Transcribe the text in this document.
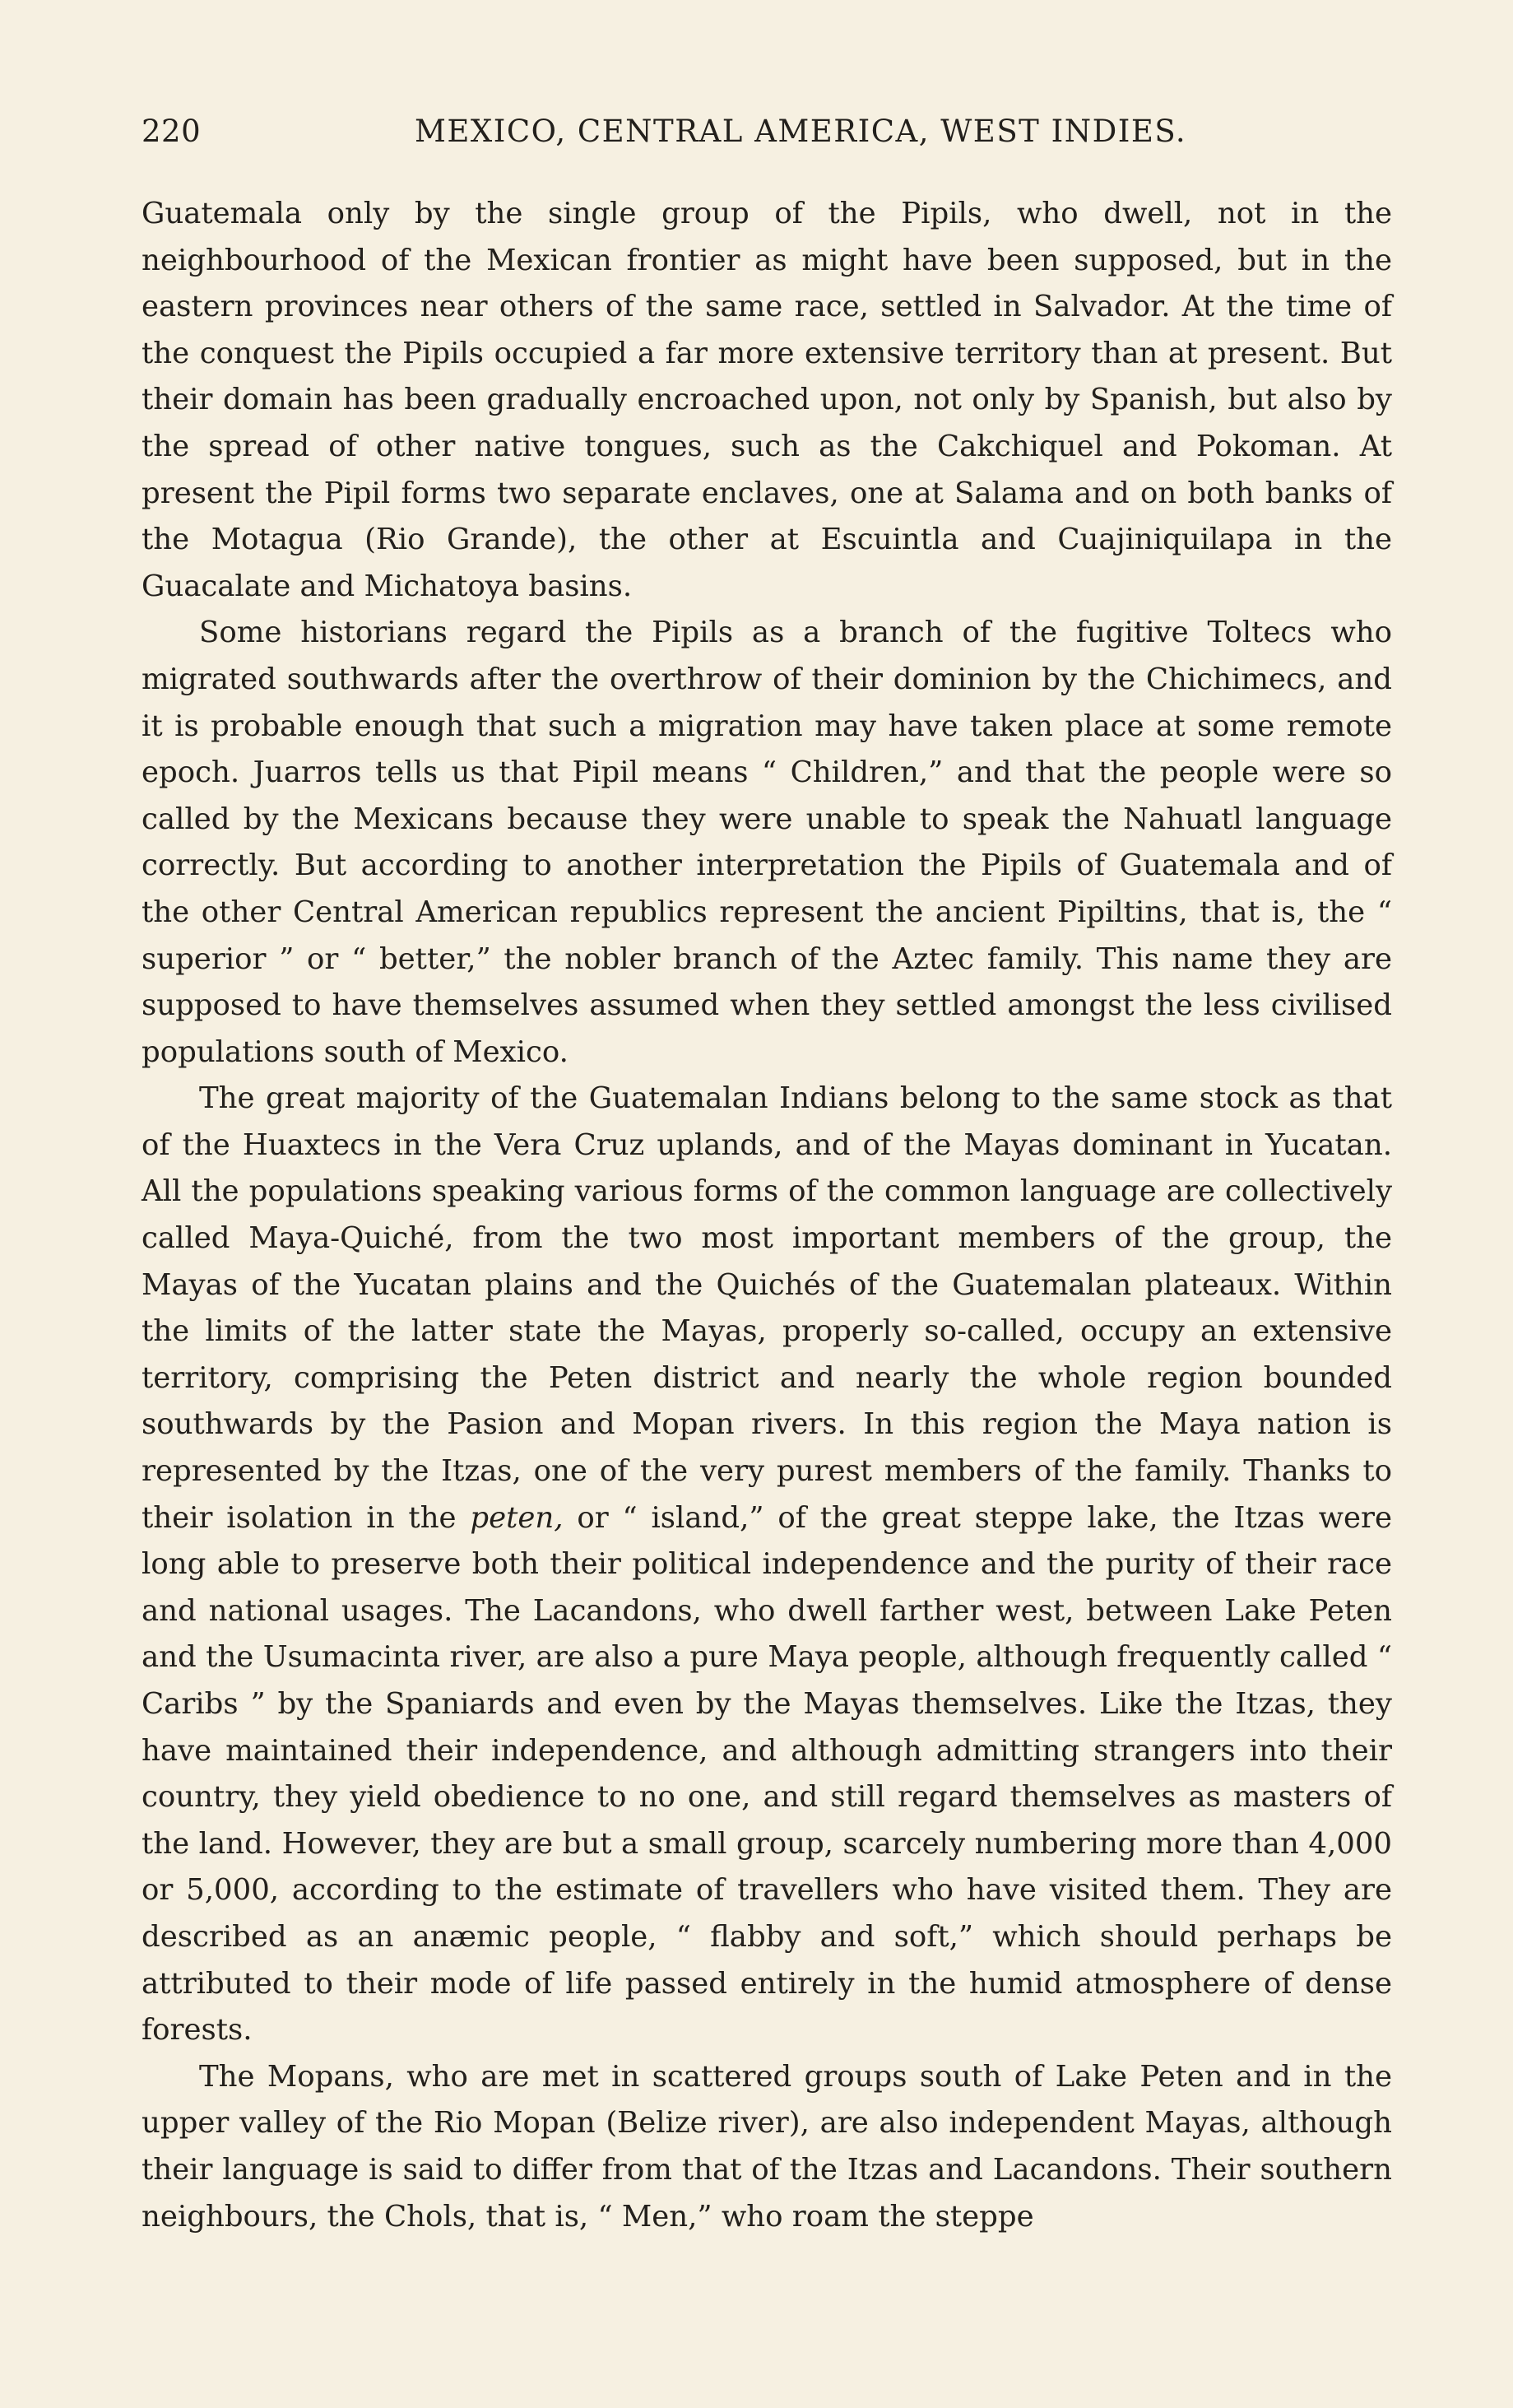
220	MEXICO, CENTRAL AMERICA, WEST INDIES.

Guatemala only by the single group of the Pipils, who dwell, not in the neighbourhood of the Mexican frontier as might have been supposed, but in the eastern provinces near others of the same race, settled in Salvador. At the time of the conquest the Pipils occupied a far more extensive territory than at present. But their domain has been gradually encroached upon, not only by Spanish, but also by the spread of other native tongues, such as the Cakchiquel and Pokoman. At present the Pipil forms two separate enclaves, one at Salama and on both banks of the Motagua (Rio Grande), the other at Escuintla and Cuajiniquilapa in the Guacalate and Michatoya basins.

Some historians regard the Pipils as a branch of the fugitive Toltecs who migrated southwards after the overthrow of their dominion by the Chichimecs, and it is probable enough that such a migration may have taken place at some remote epoch. Juarros tells us that Pipil means “ Children,” and that the people were so called by the Mexicans because they were unable to speak the Nahuatl language correctly. But according to another interpretation the Pipils of Guatemala and of the other Central American republics represent the ancient Pipiltins, that is, the “ superior ” or “ better,” the nobler branch of the Aztec family. This name they are supposed to have themselves assumed when they settled amongst the less civilised populations south of Mexico.

The great majority of the Guatemalan Indians belong to the same stock as that of the Huaxtecs in the Vera Cruz uplands, and of the Mayas dominant in Yucatan. All the populations speaking various forms of the common language are collectively called Maya-Quiché, from the two most important members of the group, the Mayas of the Yucatan plains and the Quichés of the Guatemalan plateaux. Within the limits of the latter state the Mayas, properly so-called, occupy an extensive territory, comprising the Peten district and nearly the whole region bounded southwards by the Pasion and Mopan rivers. In this region the Maya nation is represented by the Itzas, one of the very purest members of the family. Thanks to their isolation in the peten, or “ island,” of the great steppe lake, the Itzas were long able to preserve both their political independence and the purity of their race and national usages. The Lacandons, who dwell farther west, between Lake Peten and the Usumacinta river, are also a pure Maya people, although frequently called “ Caribs ” by the Spaniards and even by the Mayas themselves. Like the Itzas, they have maintained their independence, and although admitting strangers into their country, they yield obedience to no one, and still regard themselves as masters of the land. However, they are but a small group, scarcely numbering more than 4,000 or 5,000, according to the estimate of travellers who have visited them. They are described as an anæmic people, “ flabby and soft,” which should perhaps be attributed to their mode of life passed entirely in the humid atmosphere of dense forests.

The Mopans, who are met in scattered groups south of Lake Peten and in the upper valley of the Rio Mopan (Belize river), are also independent Mayas, although their language is said to differ from that of the Itzas and Lacandons. Their southern neighbours, the Chols, that is, “ Men,” who roam the steppe
